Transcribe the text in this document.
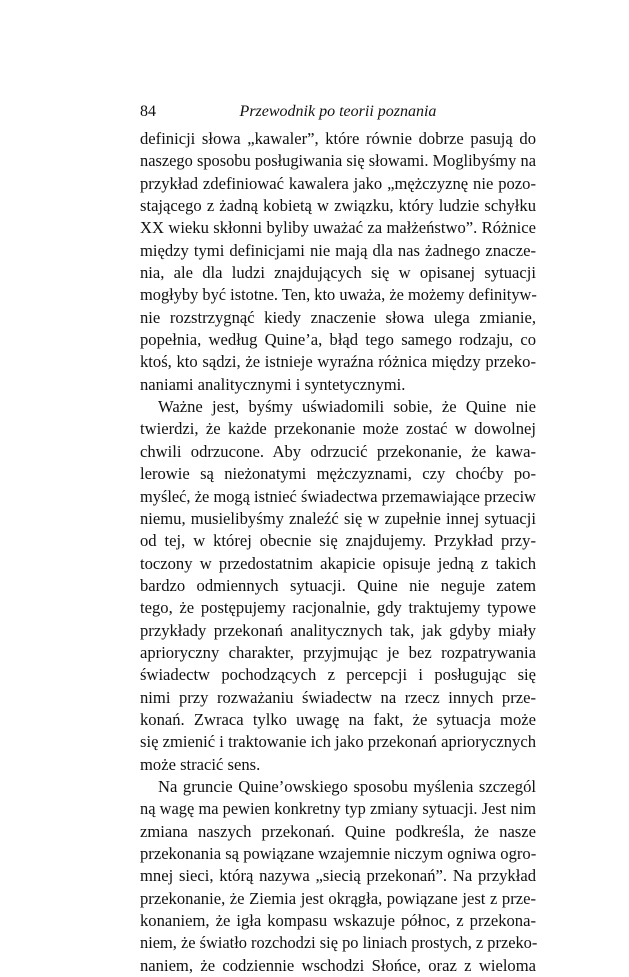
84	Przewodnik po teorii poznania
definicji słowa „kawaler”, które równie dobrze pasują do
naszego sposobu posługiwania się słowami. Moglibyśmy na
przykład zdefiniować kawalera jako „mężczyznę nie pozo-
stającego z żadną kobietą w związku, który ludzie schyłku
XX wieku skłonni byliby uważać za małżeństwo”. Różnice
między tymi definicjami nie mają dla nas żadnego znacze-
nia, ale dla ludzi znajdujących się w opisanej sytuacji
mogłyby być istotne. Ten, kto uważa, że możemy definityw-
nie rozstrzygnąć kiedy znaczenie słowa ulega zmianie,
popełnia, według Quine’a, błąd tego samego rodzaju, co
ktoś, kto sądzi, że istnieje wyraźna różnica między przeko-
naniami analitycznymi i syntetycznymi.
Ważne jest, byśmy uświadomili sobie, że Quine nie
twierdzi, że każde przekonanie może zostać w dowolnej
chwili odrzucone. Aby odrzucić przekonanie, że kawa-
lerowie są nieżonatymi mężczyznami, czy choćby po-
myśleć, że mogą istnieć świadectwa przemawiające przeciw
niemu, musielibyśmy znaleźć się w zupełnie innej sytuacji
od tej, w której obecnie się znajdujemy. Przykład przy-
toczony w przedostatnim akapicie opisuje jedną z takich
bardzo odmiennych sytuacji. Quine nie neguje zatem
tego, że postępujemy racjonalnie, gdy traktujemy typowe
przykłady przekonań analitycznych tak, jak gdyby miały
aprioryczny charakter, przyjmując je bez rozpatrywania
świadectw pochodzących z percepcji i posługując się
nimi przy rozważaniu świadectw na rzecz innych prze-
konań. Zwraca tylko uwagę na fakt, że sytuacja może
się zmienić i traktowanie ich jako przekonań apriorycznych
może stracić sens.
Na gruncie Quine’owskiego sposobu myślenia szczegól
ną wagę ma pewien konkretny typ zmiany sytuacji. Jest nim
zmiana naszych przekonań. Quine podkreśla, że nasze
przekonania są powiązane wzajemnie niczym ogniwa ogro-
mnej sieci, którą nazywa „siecią przekonań”. Na przykład
przekonanie, że Ziemia jest okrągła, powiązane jest z prze-
konaniem, że igła kompasu wskazuje północ, z przekona-
niem, że światło rozchodzi się po liniach prostych, z przeko-
naniem, że codziennie wschodzi Słońce, oraz z wieloma
